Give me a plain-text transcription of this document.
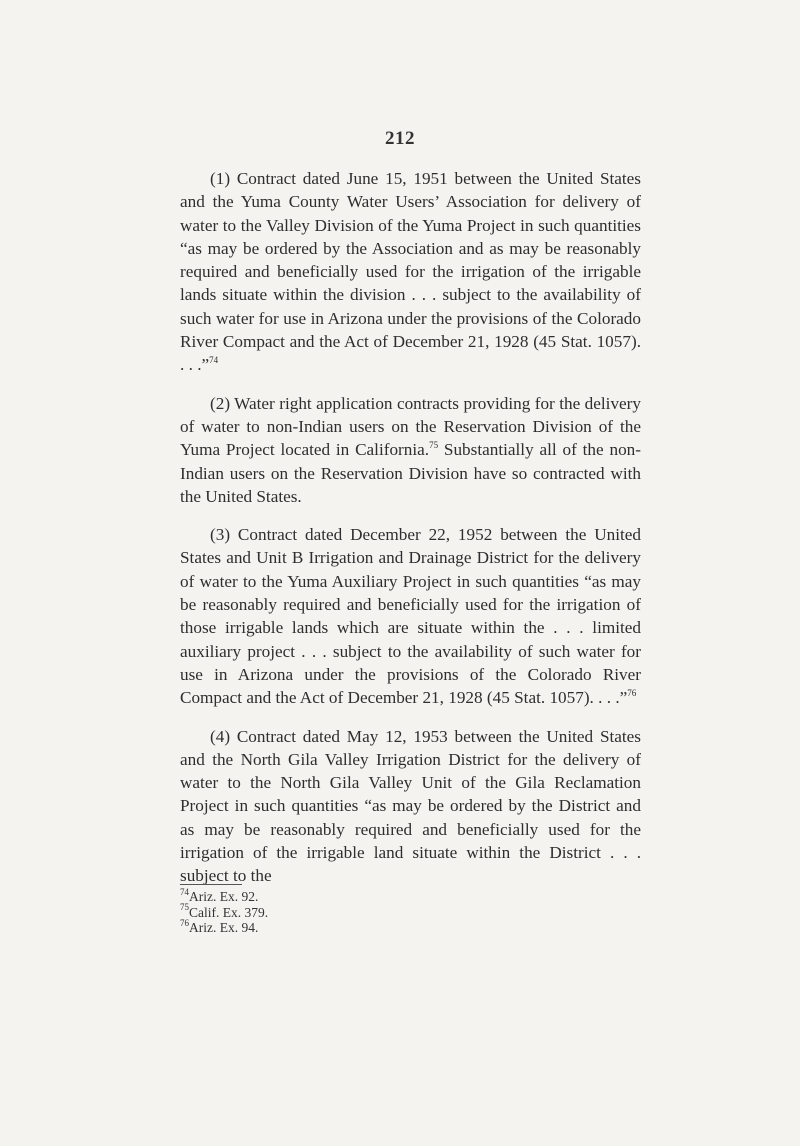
212

(1) Contract dated June 15, 1951 between the United States and the Yuma County Water Users’ Association for delivery of water to the Valley Division of the Yuma Project in such quantities “as may be ordered by the Association and as may be reasonably required and beneficially used for the irrigation of the irrigable lands situate within the division . . . subject to the availability of such water for use in Arizona under the provisions of the Colorado River Compact and the Act of December 21, 1928 (45 Stat. 1057). . . .”$^{74}$

(2) Water right application contracts providing for the delivery of water to non-Indian users on the Reservation Division of the Yuma Project located in California.$^{75}$ Substantially all of the non-Indian users on the Reservation Division have so contracted with the United States.

(3) Contract dated December 22, 1952 between the United States and Unit B Irrigation and Drainage District for the delivery of water to the Yuma Auxiliary Project in such quantities “as may be reasonably required and beneficially used for the irrigation of those irrigable lands which are situate within the . . . limited auxiliary project . . . subject to the availability of such water for use in Arizona under the provisions of the Colorado River Compact and the Act of December 21, 1928 (45 Stat. 1057). . . .”$^{76}$

(4) Contract dated May 12, 1953 between the United States and the North Gila Valley Irrigation District for the delivery of water to the North Gila Valley Unit of the Gila Reclamation Project in such quantities “as may be ordered by the District and as may be reasonably required and beneficially used for the irrigation of the irrigable land situate within the District . . . subject to the

$^{74}$Ariz. Ex. 92.

$^{75}$Calif. Ex. 379.

$^{76}$Ariz. Ex. 94.
